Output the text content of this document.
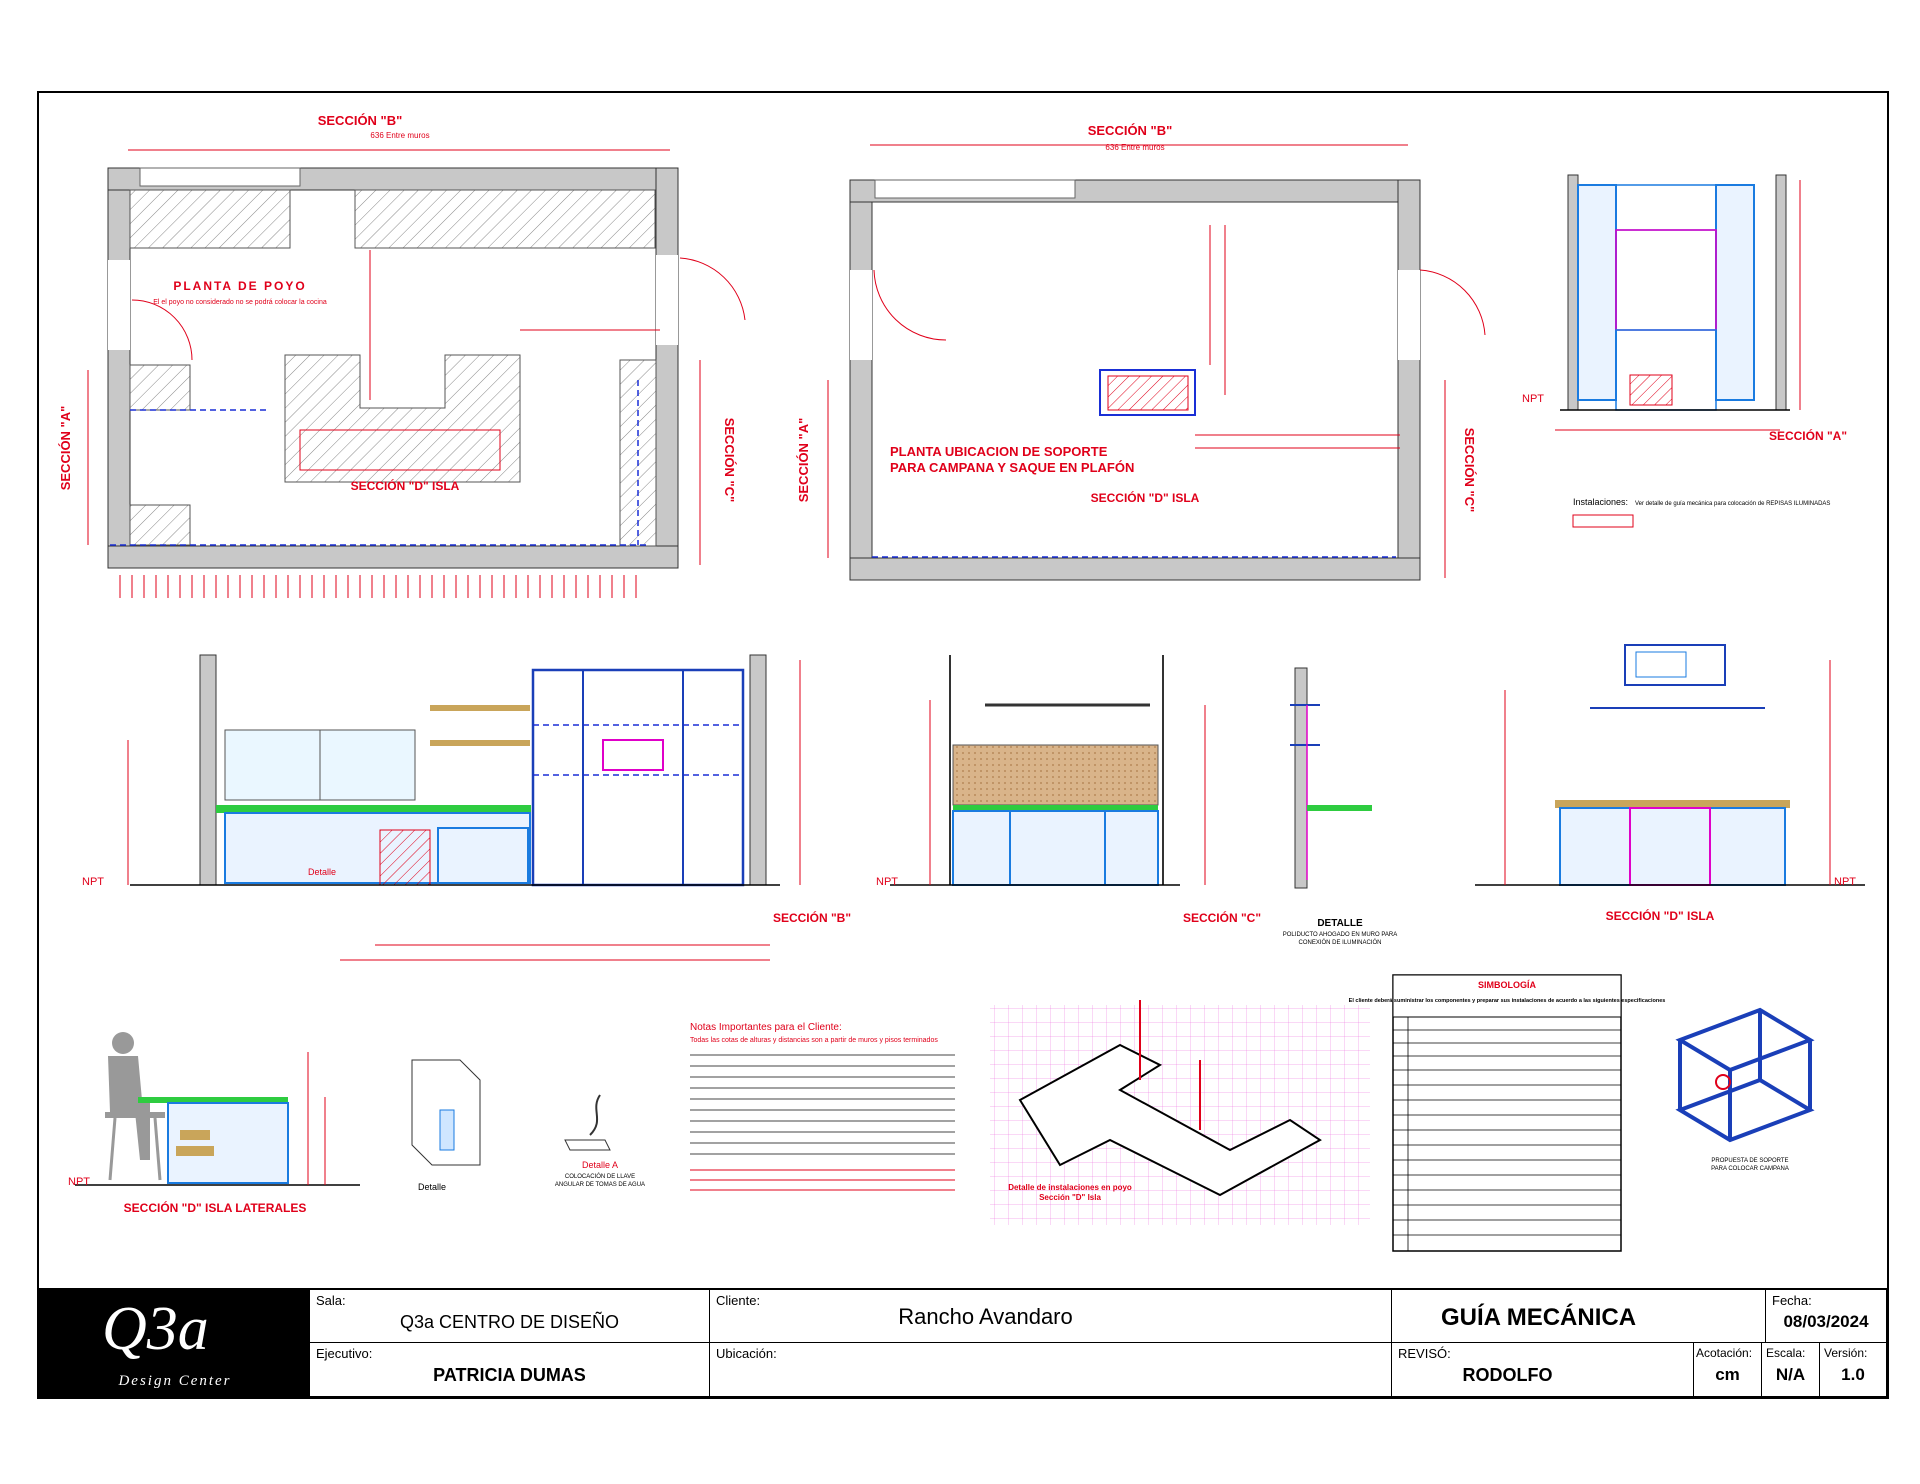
SECCIÓN "B"
636 Entre muros
PLANTA DE POYO
El el poyo no considerado no se podrá colocar la cocina
SECCIÓN "D" ISLA
SECCIÓN "A"	SECCIÓN "C"
SECCIÓN "B"
636 Entre muros
PLANTA UBICACION DE SOPORTE
PARA CAMPANA Y SAQUE EN PLAFÓN
SECCIÓN "D" ISLA
SECCIÓN "A"	SECCIÓN "C"	SECCIÓN "A"
NPT
Instalaciones: Ver detalle de guía mecánica para colocación de REPISAS ILUMINADAS
SECCIÓN "B"
NPT
Detalle
SECCIÓN "C"
NPT
DETALLE
POLIDUCTO AHOGADO EN MURO PARA
CONEXIÓN DE ILUMINACIÓN
SECCIÓN "D" ISLA
NPT
SECCIÓN "D" ISLA LATERALES
NPT	Detalle
Detalle A
COLOCACIÓN DE LLAVE
ANGULAR DE TOMAS DE AGUA
Notas Importantes para el Cliente:
Todas las cotas de alturas y distancias son a partir de muros y pisos terminados
Detalle de instalaciones en poyo
Sección "D" Isla
SIMBOLOGÍA
El cliente deberá suministrar los componentes y preparar sus instalaciones de acuerdo a las siguientes especificaciones
PROPUESTA DE SOPORTE
PARA COLOCAR CAMPANA
Q3a
Design Center
Sala:
Q3a CENTRO DE DISEÑO
Cliente:
Rancho Avandaro	GUÍA MECÁNICA
Fecha:
08/03/2024
Ejecutivo:
PATRICIA DUMAS
Ubicación:	REVISÓ:
RODOLFO
Acotación:
cm
Escala:
N/A
Versión:
1.0
